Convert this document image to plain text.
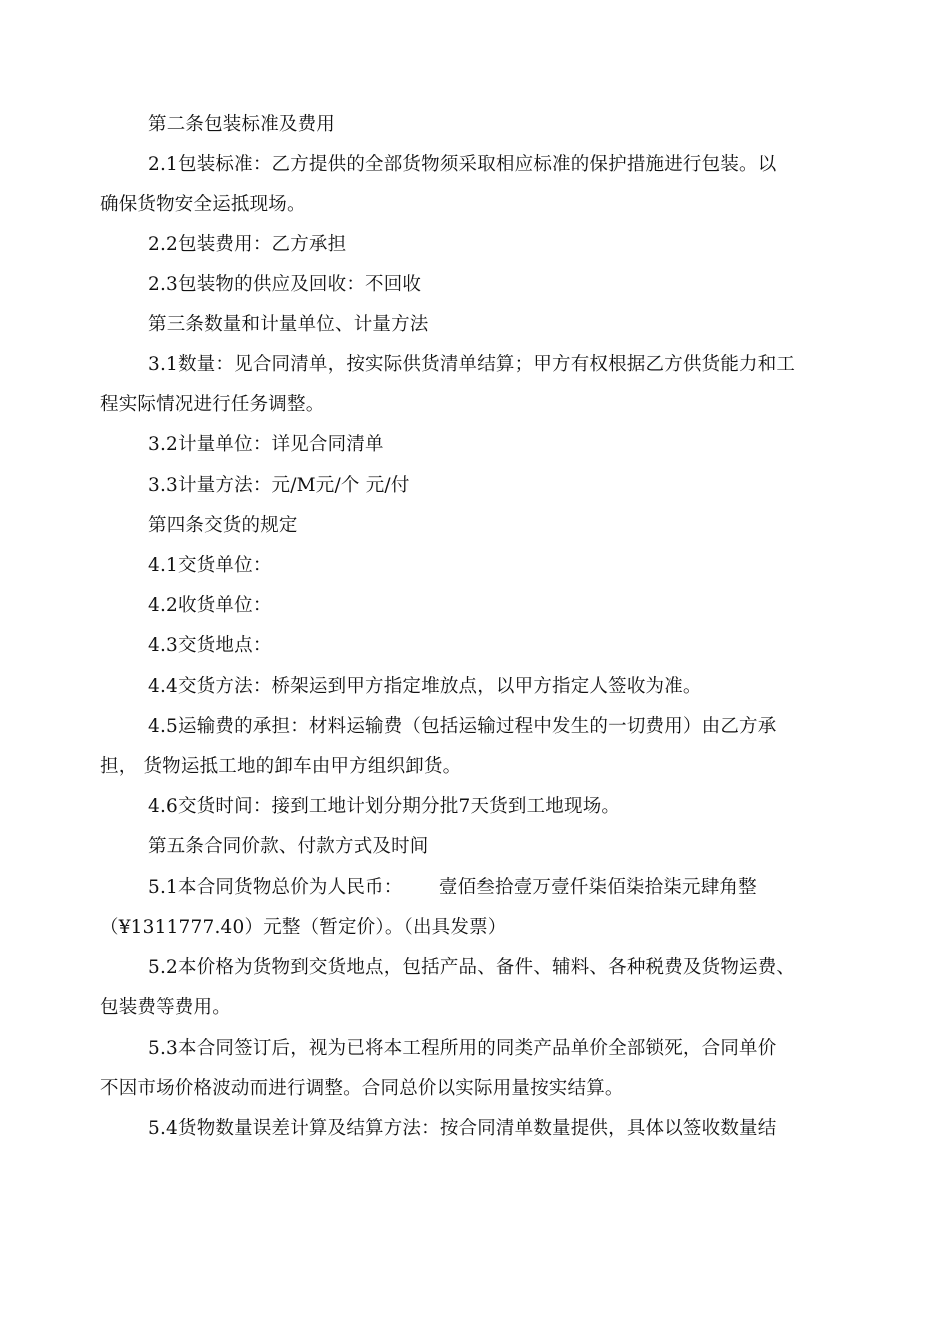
第二条包装标准及费用
2.1包装标准：乙方提供的全部货物须采取相应标准的保护措施进行包装。以
确保货物安全运抵现场。
2.2包装费用：乙方承担
2.3包装物的供应及回收：不回收
第三条数量和计量单位、计量方法
3.1数量：见合同清单，按实际供货清单结算；甲方有权根据乙方供货能力和工
程实际情况进行任务调整。
3.2计量单位：详见合同清单
3.3计量方法：元/M元/个 元/付
第四条交货的规定
4.1交货单位：
4.2收货单位：
4.3交货地点：
4.4交货方法：桥架运到甲方指定堆放点，以甲方指定人签收为准。
4.5运输费的承担：材料运输费（包括运输过程中发生的一切费用）由乙方承
担， 货物运抵工地的卸车由甲方组织卸货。
4.6交货时间：接到工地计划分期分批7天货到工地现场。
第五条合同价款、付款方式及时间
5.1本合同货物总价为人民币：      壹佰叁拾壹万壹仟柒佰柒拾柒元肆角整
（¥1311777.40）元整（暂定价）。（出具发票）
5.2本价格为货物到交货地点，包括产品、备件、辅料、各种税费及货物运费、
包装费等费用。
5.3本合同签订后，视为已将本工程所用的同类产品单价全部锁死，合同单价
不因市场价格波动而进行调整。合同总价以实际用量按实结算。
5.4货物数量误差计算及结算方法：按合同清单数量提供，具体以签收数量结
